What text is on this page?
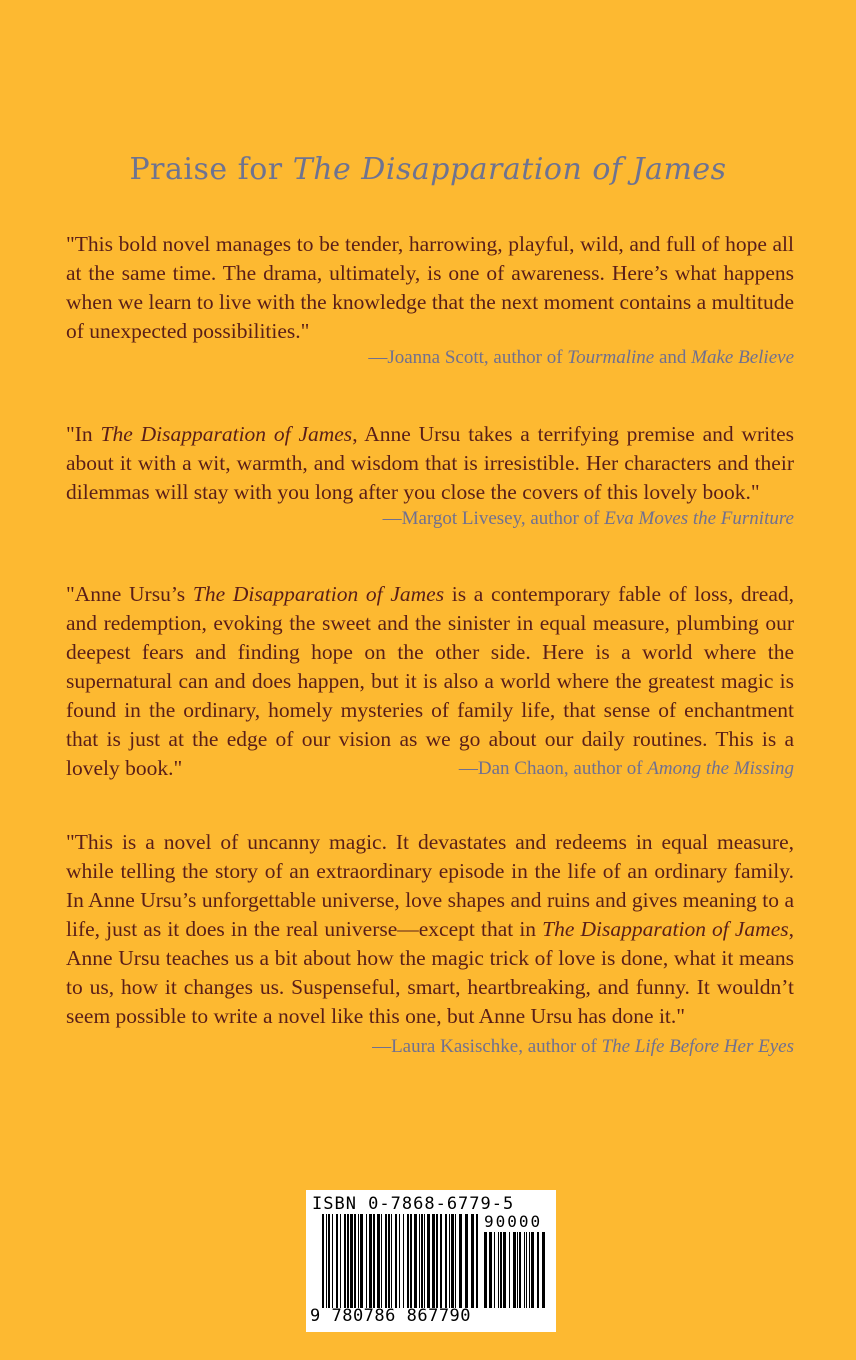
Praise for The Disapparation of James
"This bold novel manages to be tender, harrowing, playful, wild, and full of hope all at the same time. The drama, ultimately, is one of awareness. Here’s what happens when we learn to live with the knowledge that the next moment contains a multitude of unexpected possibilities."
—Joanna Scott, author of Tourmaline and Make Believe
"In The Disapparation of James, Anne Ursu takes a terrifying premise and writes about it with a wit, warmth, and wisdom that is irresistible. Her characters and their dilemmas will stay with you long after you close the covers of this lovely book."
—Margot Livesey, author of Eva Moves the Furniture
"Anne Ursu’s The Disapparation of James is a contemporary fable of loss, dread, and redemption, evoking the sweet and the sinister in equal measure, plumbing our deepest fears and finding hope on the other side. Here is a world where the supernatural can and does happen, but it is also a world where the greatest magic is found in the ordinary, homely mysteries of family life, that sense of enchantment that is just at the edge of our vision as we go about our daily routines. This is a lovely book."	—Dan Chaon, author of Among the Missing
"This is a novel of uncanny magic. It devastates and redeems in equal measure, while telling the story of an extraordinary episode in the life of an ordinary family. In Anne Ursu’s unforgettable universe, love shapes and ruins and gives meaning to a life, just as it does in the real universe—except that in The Disapparation of James, Anne Ursu teaches us a bit about how the magic trick of love is done, what it means to us, how it changes us. Suspenseful, smart, heartbreaking, and funny. It wouldn’t seem possible to write a novel like this one, but Anne Ursu has done it."
—Laura Kasischke, author of The Life Before Her Eyes
ISBN 0-7868-6779-5
90000
9 780786 867790
